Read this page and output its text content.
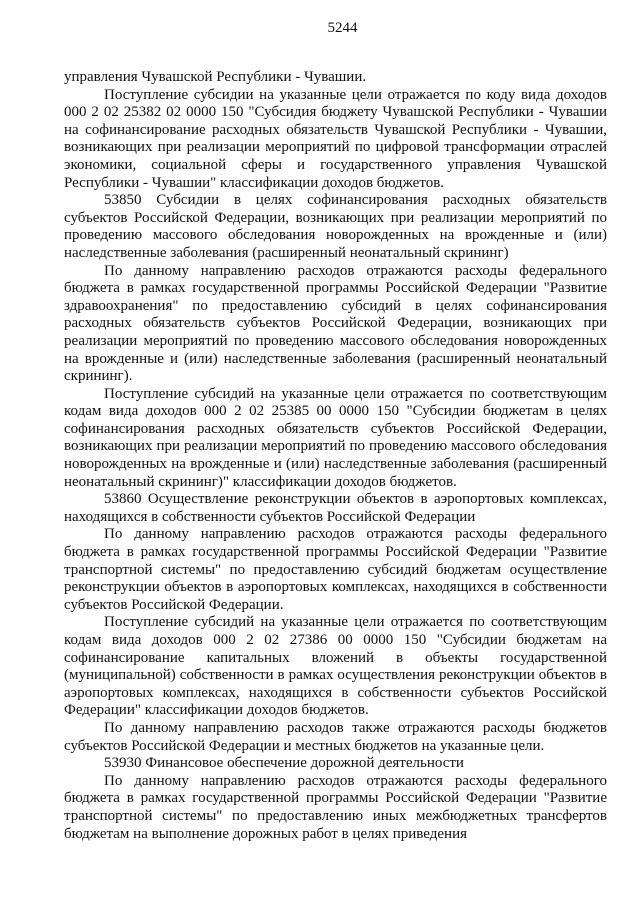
5244

управления Чувашской Республики - Чувашии.

Поступление субсидии на указанные цели отражается по коду вида доходов 000 2 02 25382 02 0000 150 "Субсидия бюджету Чувашской Республики - Чувашии на софинансирование расходных обязательств Чувашской Республики - Чувашии, возникающих при реализации мероприятий по цифровой трансформации отраслей экономики, социальной сферы и государственного управления Чувашской Республики - Чувашии" классификации доходов бюджетов.

53850 Субсидии в целях софинансирования расходных обязательств субъектов Российской Федерации, возникающих при реализации мероприятий по проведению массового обследования новорожденных на врожденные и (или) наследственные заболевания (расширенный неонатальный скрининг)

По данному направлению расходов отражаются расходы федерального бюджета в рамках государственной программы Российской Федерации "Развитие здравоохранения" по предоставлению субсидий в целях софинансирования расходных обязательств субъектов Российской Федерации, возникающих при реализации мероприятий по проведению массового обследования новорожденных на врожденные и (или) наследственные заболевания (расширенный неонатальный скрининг).

Поступление субсидий на указанные цели отражается по соответствующим кодам вида доходов 000 2 02 25385 00 0000 150 "Субсидии бюджетам в целях софинансирования расходных обязательств субъектов Российской Федерации, возникающих при реализации мероприятий по проведению массового обследования новорожденных на врожденные и (или) наследственные заболевания (расширенный неонатальный скрининг)" классификации доходов бюджетов.

53860 Осуществление реконструкции объектов в аэропортовых комплексах, находящихся в собственности субъектов Российской Федерации

По данному направлению расходов отражаются расходы федерального бюджета в рамках государственной программы Российской Федерации "Развитие транспортной системы" по предоставлению субсидий бюджетам осуществление реконструкции объектов в аэропортовых комплексах, находящихся в собственности субъектов Российской Федерации.

Поступление субсидий на указанные цели отражается по соответствующим кодам вида доходов 000 2 02 27386 00 0000 150 "Субсидии бюджетам на софинансирование капитальных вложений в объекты государственной (муниципальной) собственности в рамках осуществления реконструкции объектов в аэропортовых комплексах, находящихся в собственности субъектов Российской Федерации" классификации доходов бюджетов.

По данному направлению расходов также отражаются расходы бюджетов субъектов Российской Федерации и местных бюджетов на указанные цели.

53930 Финансовое обеспечение дорожной деятельности

По данному направлению расходов отражаются расходы федерального бюджета в рамках государственной программы Российской Федерации "Развитие транспортной системы" по предоставлению иных межбюджетных трансфертов бюджетам на выполнение дорожных работ в целях приведения
